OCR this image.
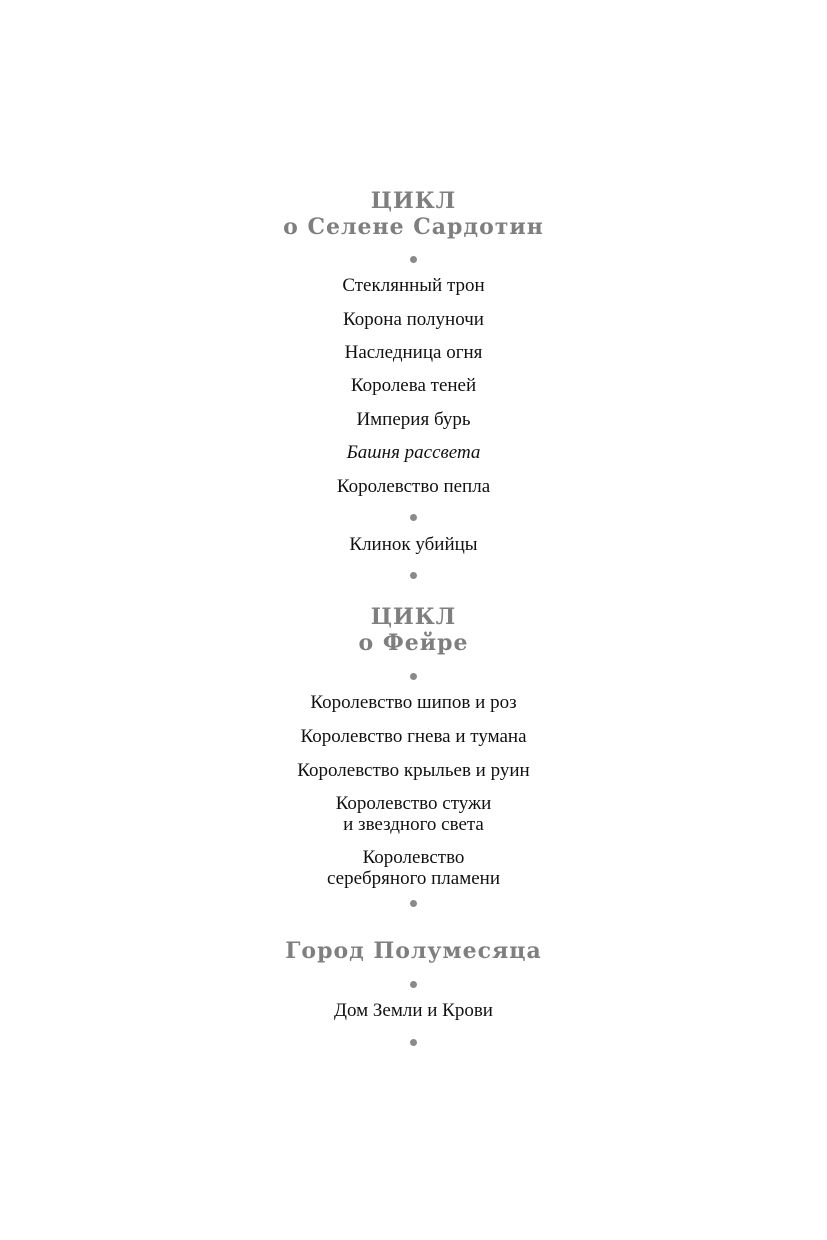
ЦИКЛ
о Селене Сардотин
Стеклянный трон
Корона полуночи
Наследница огня
Королева теней
Империя бурь
Башня рассвета
Королевство пепла
Клинок убийцы
ЦИКЛ
о Фейре
Королевство шипов и роз
Королевство гнева и тумана
Королевство крыльев и руин
Королевство стужи
и звездного света
Королевство
серебряного пламени
Город Полумесяца
Дом Земли и Крови
